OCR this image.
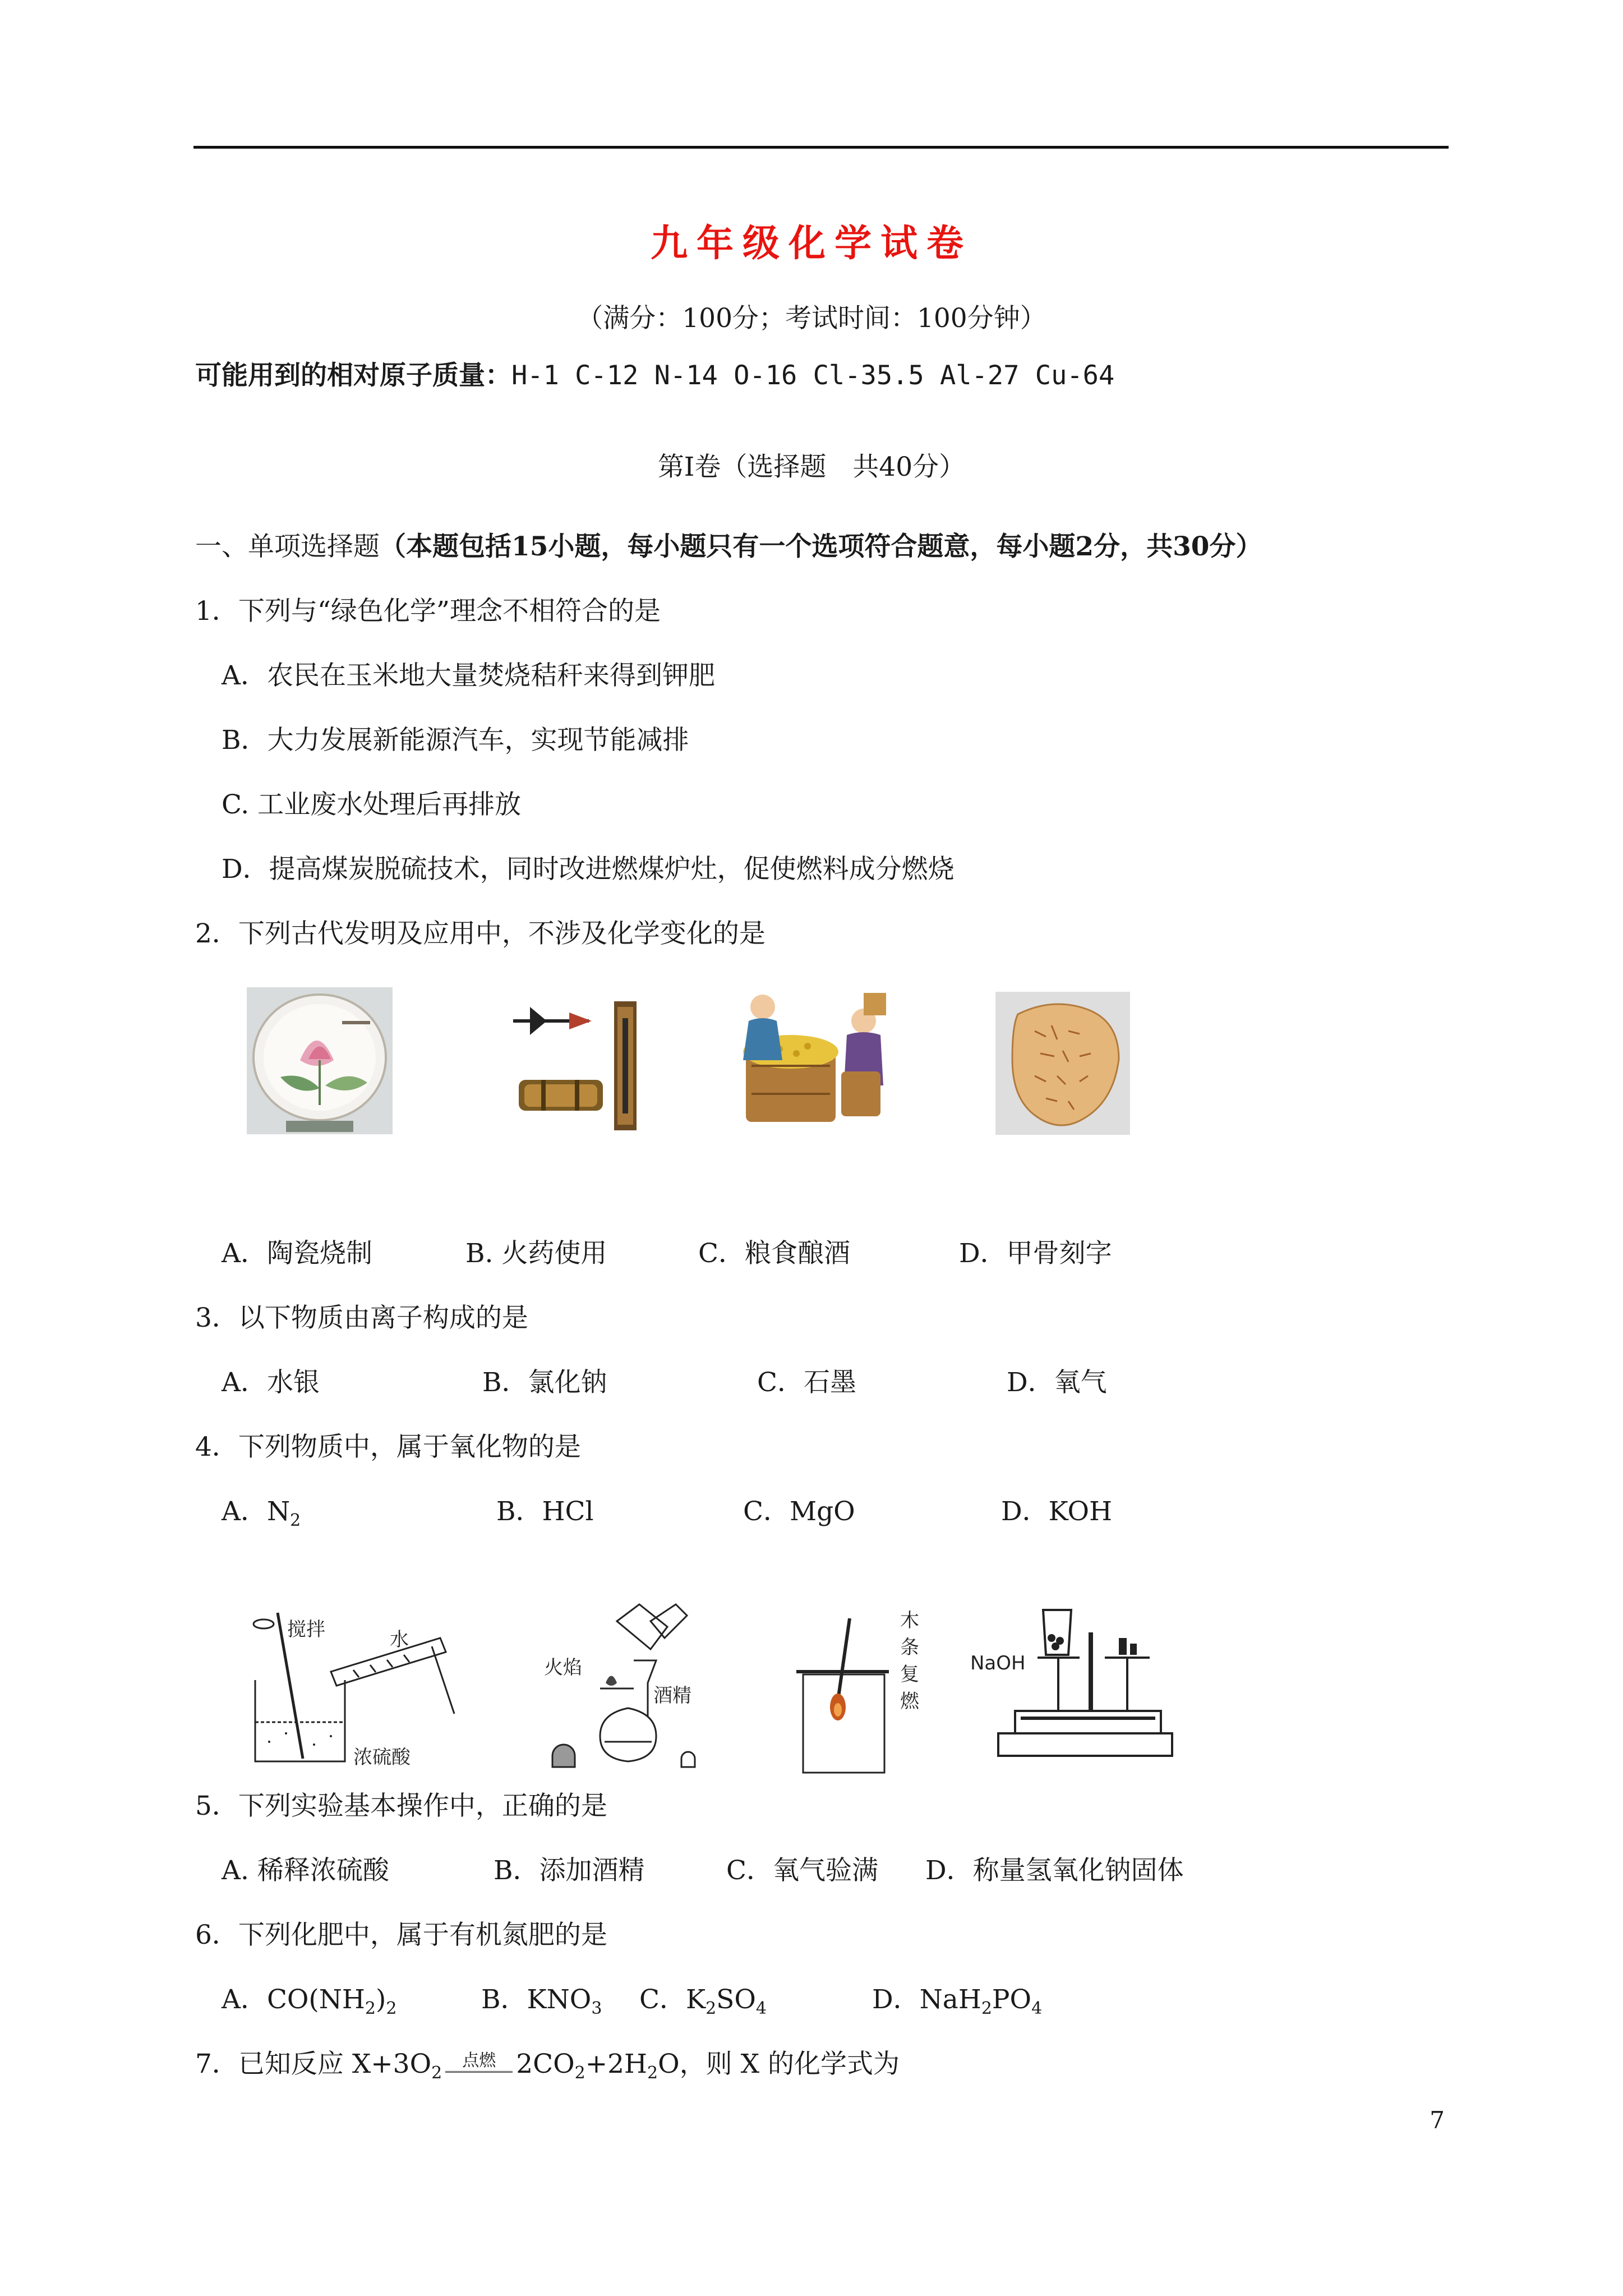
九年级化学试卷
（满分：100分；考试时间：100分钟）
可能用到的相对原子质量：H-1 C-12 N-14 O-16 Cl-35.5 Al-27 Cu-64
第Ⅰ卷（选择题　共40分）
一、单项选择题（本题包括15小题，每小题只有一个选项符合题意，每小题2分，共30分）
1．下列与“绿色化学”理念不相符合的是
A．农民在玉米地大量焚烧秸秆来得到钾肥
B．大力发展新能源汽车，实现节能减排
C. 工业废水处理后再排放
D．提高煤炭脱硫技术，同时改进燃煤炉灶，促使燃料成分燃烧
2．下列古代发明及应用中，不涉及化学变化的是
A．陶瓷烧制	B. 火药使用	C．粮食酿酒	D．甲骨刻字
3．以下物质由离子构成的是
A．水银	B．氯化钠	C．石墨	D．氧气
4．下列物质中，属于氧化物的是
A．$N_2$	B．HCl	C．MgO	D．KOH
搅拌	水
浓硫酸
火焰
酒精
木条复燃
NaOH
5．下列实验基本操作中，正确的是
A. 稀释浓硫酸	B．添加酒精	C．氧气验满 D．称量氢氧化钠固体
6．下列化肥中，属于有机氮肥的是
A．$CO(NH_2)_2$	B．$KNO_3$ C．$K_2SO_4$	D．$NaH_2PO_4$
7．已知反应 $X+3O_2^{点燃}$ $2CO_2+2H_2O$，则 X 的化学式为
7
